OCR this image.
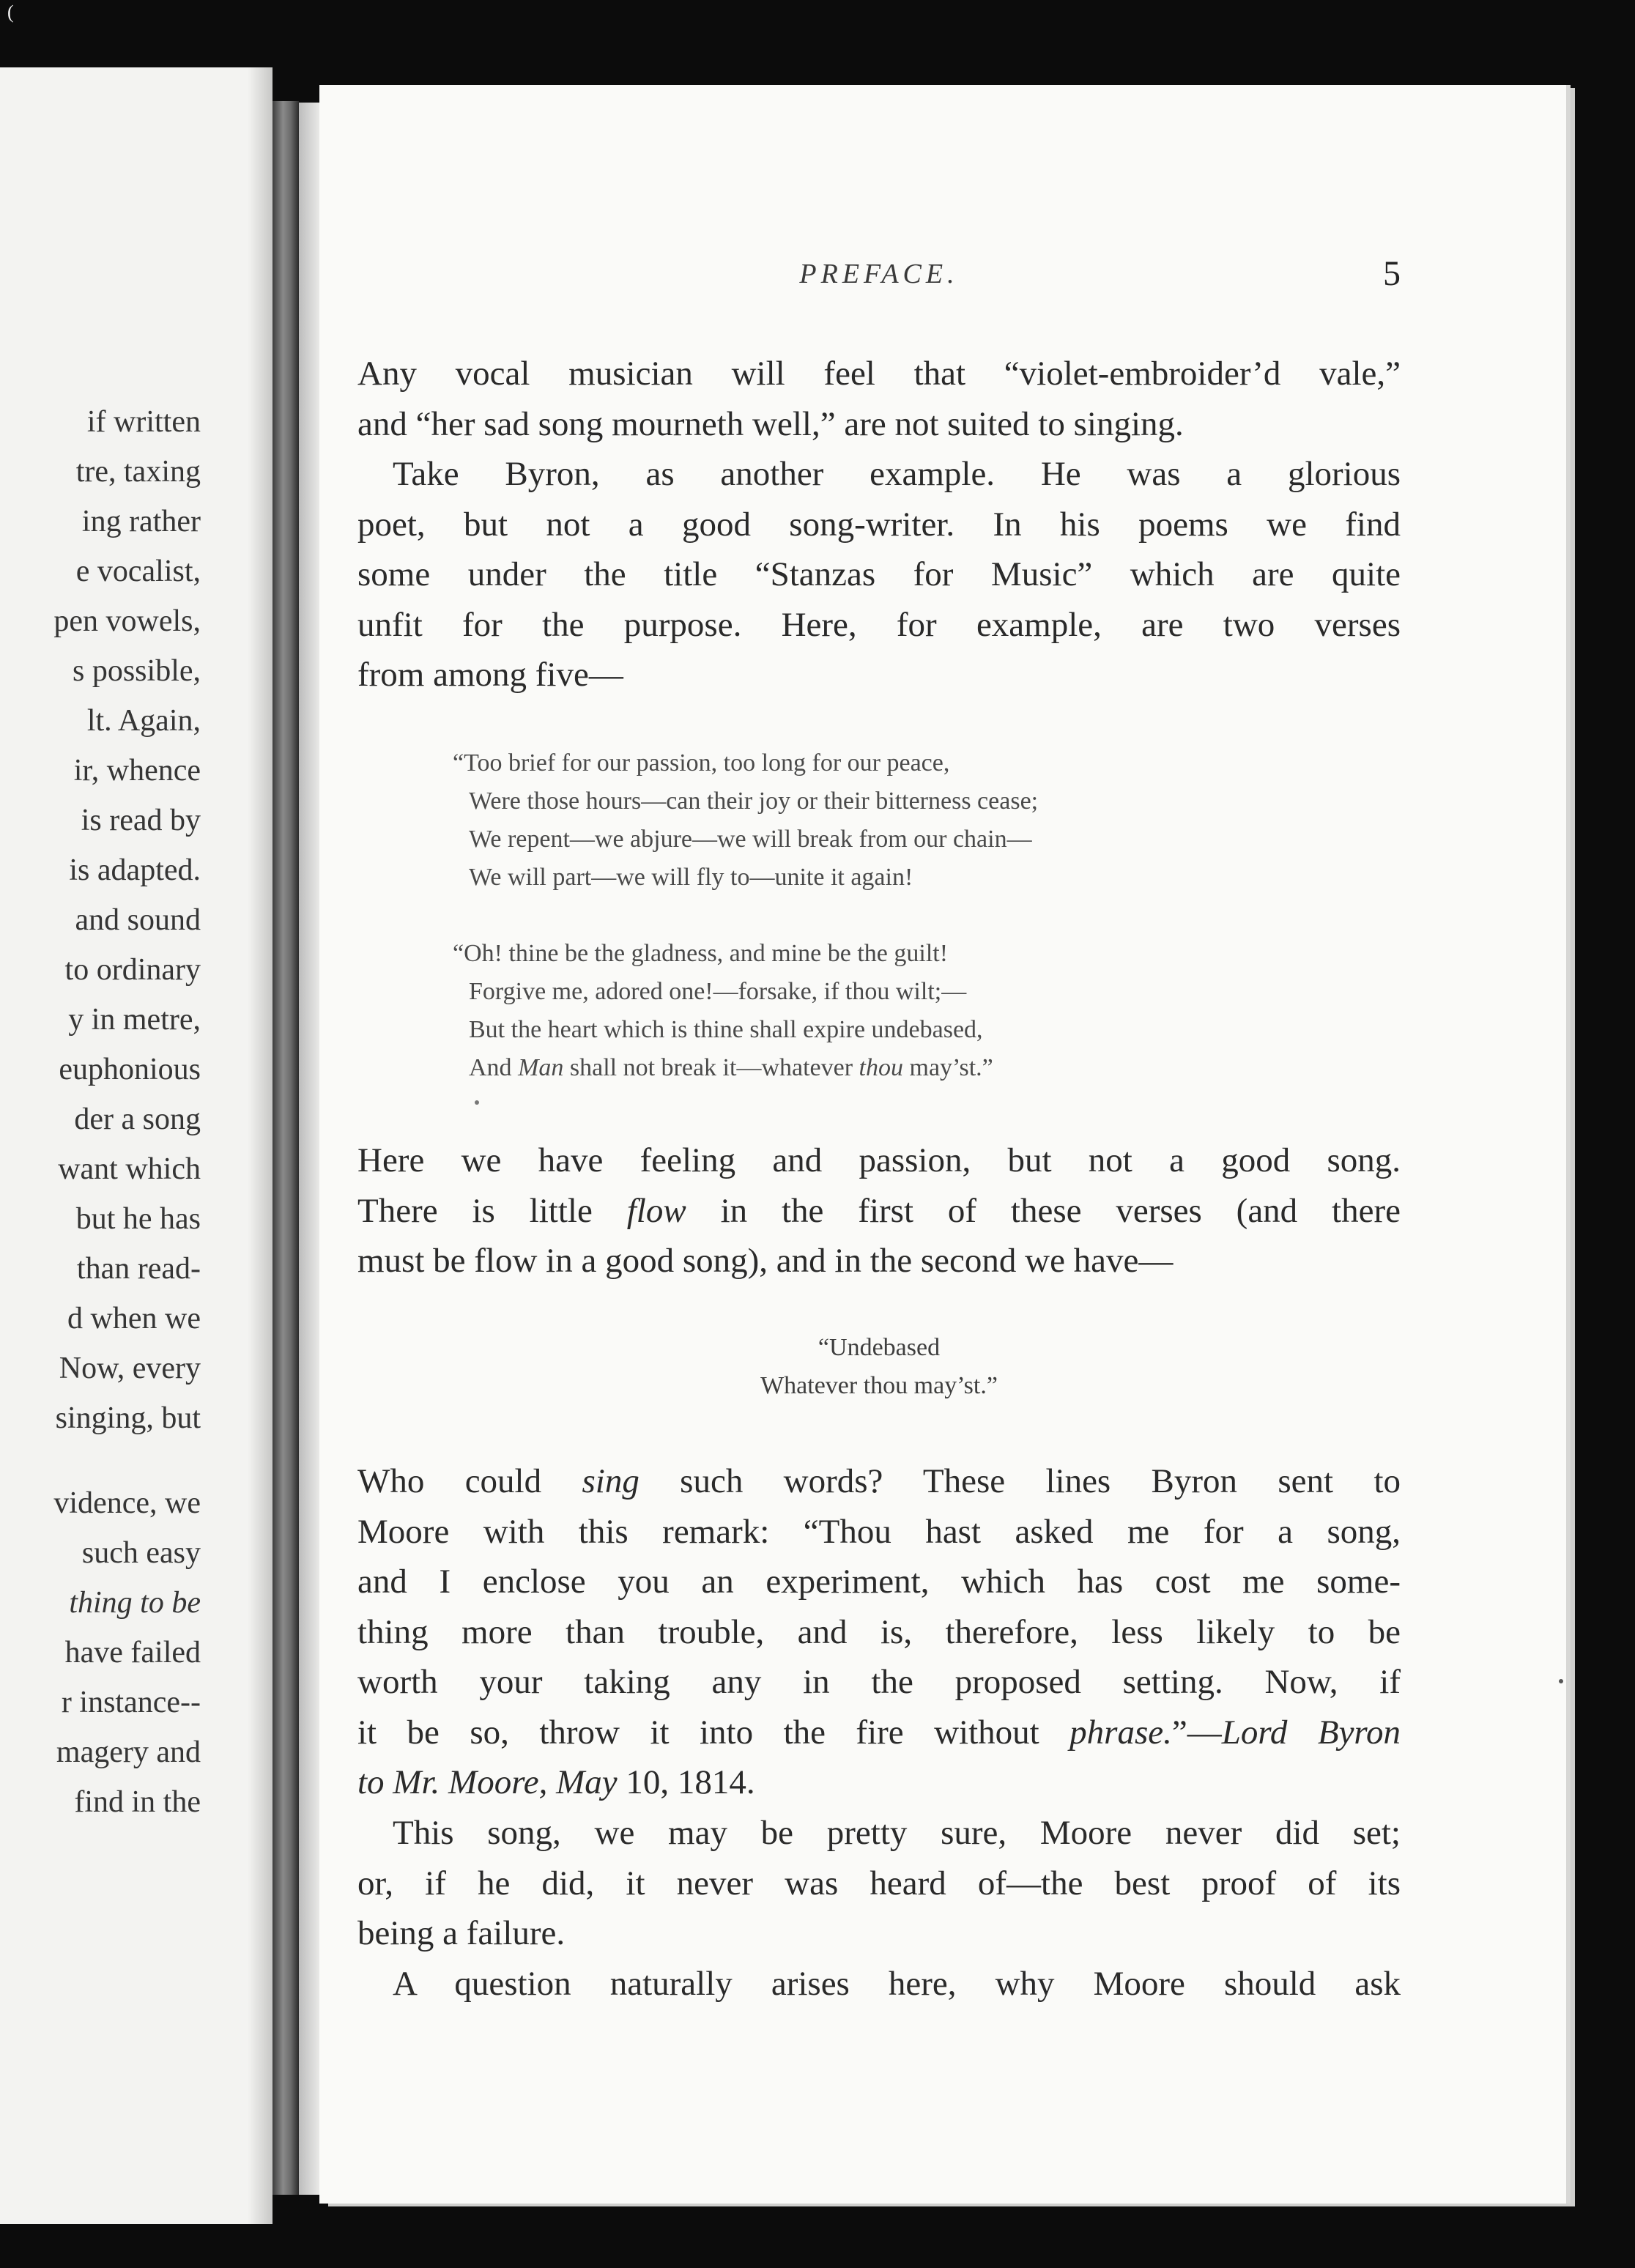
(
if written
tre, taxing
ing rather
e vocalist,
pen vowels,
s possible,
lt. Again,
ir, whence
is read by
is adapted.
and sound
to ordinary
y in metre,
euphonious
der a song
want which
but he has
than read-
d when we
Now, every
singing, but
vidence, we
such easy
thing to be
have failed
r instance--
magery and
find in the
PREFACE.	5
Any vocal musician will feel that “violet-embroider’d vale,”
and “her sad song mourneth well,” are not suited to singing.
Take Byron, as another example. He was a glorious
poet, but not a good song-writer. In his poems we find
some under the title “Stanzas for Music” which are quite
unfit for the purpose. Here, for example, are two verses
from among five—
“Too brief for our passion, too long for our peace,
Were those hours—can their joy or their bitterness cease;
We repent—we abjure—we will break from our chain—
We will part—we will fly to—unite it again!
“Oh! thine be the gladness, and mine be the guilt!
Forgive me, adored one!—forsake, if thou wilt;—
But the heart which is thine shall expire undebased,
And Man shall not break it—whatever thou may’st.”
Here we have feeling and passion, but not a good song.
There is little flow in the first of these verses (and there
must be flow in a good song), and in the second we have—
“Undebased
Whatever thou may’st.”
Who could sing such words? These lines Byron sent to
Moore with this remark: “Thou hast asked me for a song,
and I enclose you an experiment, which has cost me some-
thing more than trouble, and is, therefore, less likely to be
worth your taking any in the proposed setting. Now, if
it be so, throw it into the fire without phrase.”—Lord Byron
to Mr. Moore, May 10, 1814.
This song, we may be pretty sure, Moore never did set;
or, if he did, it never was heard of—the best proof of its
being a failure.
A question naturally arises here, why Moore should ask
